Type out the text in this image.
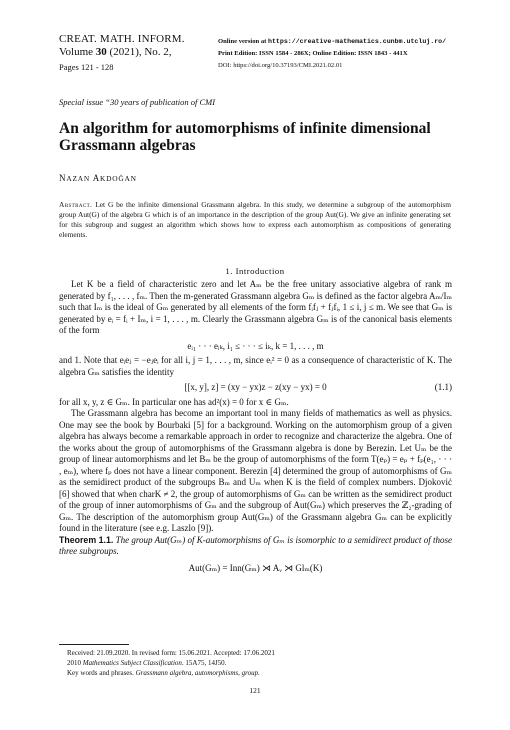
CREAT. MATH. INFORM.
Volume 30 (2021), No. 2,
Pages 121 - 128
Online version at https://creative-mathematics.cunbm.utcluj.ro/
Print Edition: ISSN 1584 - 286X; Online Edition: ISSN 1843 - 441X
DOI: https://doi.org/10.37193/CMI.2021.02.01
Special issue “30 years of publication of CMI
An algorithm for automorphisms of infinite dimensional Grassmann algebras
NAZAN AKDOĞAN
Abstract. Let G be the infinite dimensional Grassmann algebra. In this study, we determine a subgroup of the automorphism group Aut(G) of the algebra G which is of an importance in the description of the group Aut(G). We give an infinite generating set for this subgroup and suggest an algorithm which shows how to express each automorphism as compositions of generating elements.
1. Introduction

Let K be a field of characteristic zero and let Aₘ be the free unitary associative algebra of rank m generated by f₁, . . . , fₘ. Then the m-generated Grassmann algebra Gₘ is defined as the factor algebra Aₘ/Iₘ such that Iₘ is the ideal of Gₘ generated by all elements of the form fᵢfⱼ + fⱼfᵢ, 1 ≤ i, j ≤ m. We see that Gₘ is generated by eᵢ = fᵢ + Iₘ, i = 1, . . . , m. Clearly the Grassmann algebra Gₘ is of the canonical basis elements of the form

eᵢ₁ · · · eᵢₖ, i₁ ≤ · · · ≤ iₖ, k = 1, . . . , m

and 1. Note that eᵢeⱼ = −eⱼeᵢ for all i, j = 1, . . . , m, since eᵢ² = 0 as a consequence of characteristic of K. The algebra Gₘ satisfies the identity

[[x, y], z] = (xy − yx)z − z(xy − yx) = 0	(1.1)

for all x, y, z ∈ Gₘ. In particular one has ad²(x) = 0 for x ∈ Gₘ.

The Grassmann algebra has become an important tool in many fields of mathematics as well as physics. One may see the book by Bourbaki [5] for a background. Working on the automorphism group of a given algebra has always become a remarkable approach in order to recognize and characterize the algebra. One of the works about the group of automorphisms of the Grassmann algebra is done by Berezin. Let Uₘ be the group of linear automorphisms and let Bₘ be the group of automorphisms of the form T(eₚ) = eₚ + fₚ(e₁, · · · , eₘ), where fₚ does not have a linear component. Berezin [4] determined the group of automorphisms of Gₘ as the semidirect product of the subgroups Bₘ and Uₘ when K is the field of complex numbers. Djoković [6] showed that when charK ≠ 2, the group of automorphisms of Gₘ can be written as the semidirect product of the group of inner automorphisms of Gₘ and the subgroup of Aut(Gₘ) which preserves the ℤ₂-grading of Gₘ. The description of the automorphism group Aut(Gₘ) of the Grassmann algebra Gₘ can be explicitly found in the literature (see e.g. Laszlo [9]).

Theorem 1.1. The group Aut(Gₘ) of K-automorphisms of Gₘ is isomorphic to a semidirect product of those three subgroups.

Aut(Gₘ) = Inn(Gₘ) ⋊ Aᵥ ⋊ Glₘ(K)
Received: 21.09.2020. In revised form: 15.06.2021. Accepted: 17.06.2021
2010 Mathematics Subject Classification. 15A75, 14J50.
Key words and phrases. Grassmann algebra, automorphisms, group.
121
